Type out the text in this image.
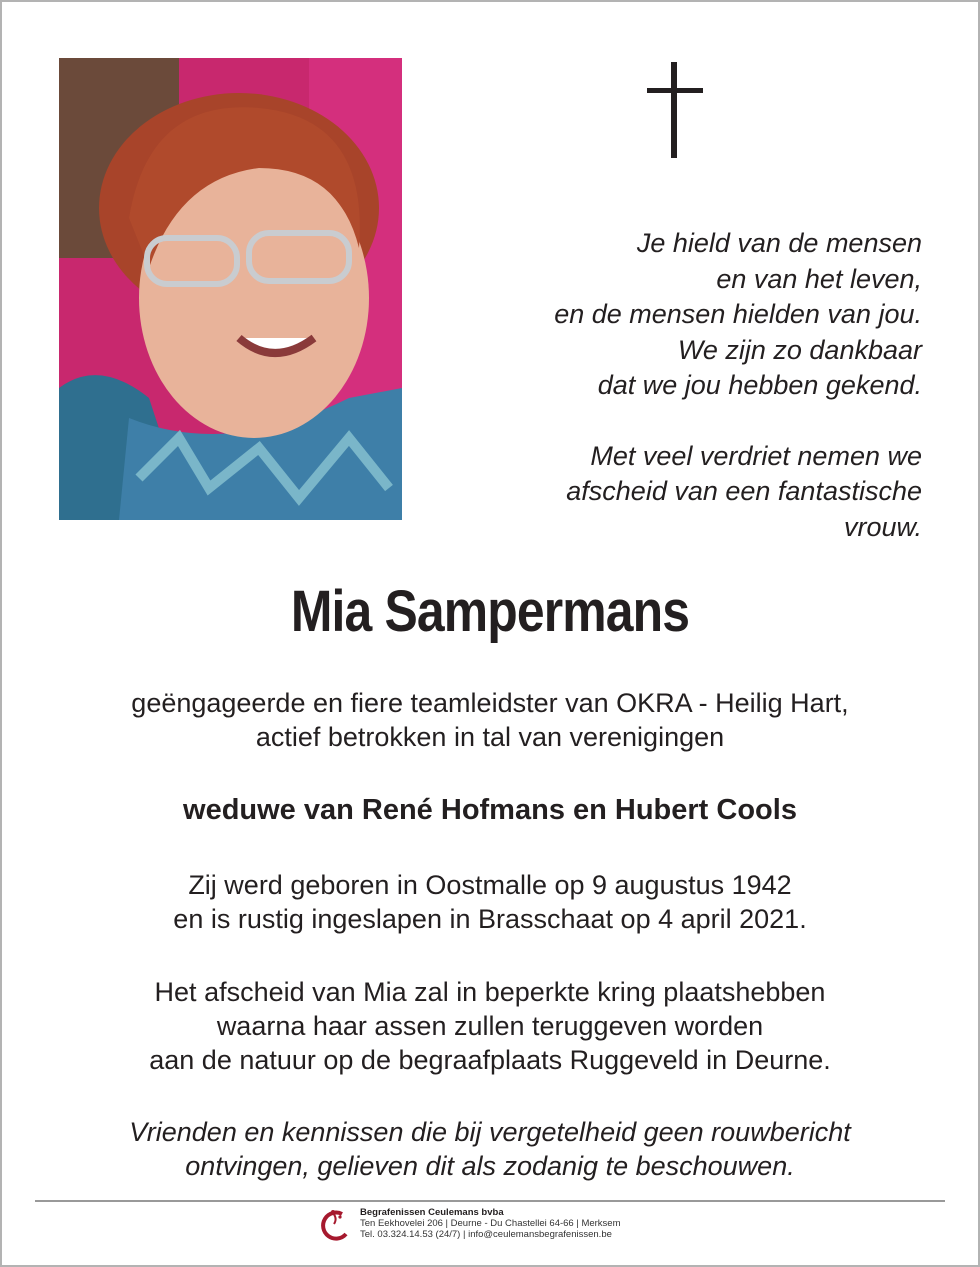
Je hield van de mensen
en van het leven,
en de mensen hielden van jou.
We zijn zo dankbaar
dat we jou hebben gekend.
Met veel verdriet nemen we
afscheid van een fantastische
vrouw.
Mia Sampermans
geëngageerde en fiere teamleidster van OKRA - Heilig Hart,
actief betrokken in tal van verenigingen
weduwe van René Hofmans en Hubert Cools
Zij werd geboren in Oostmalle op 9 augustus 1942
en is rustig ingeslapen in Brasschaat op 4 april 2021.
Het afscheid van Mia zal in beperkte kring plaatshebben
waarna haar assen zullen teruggeven worden
aan de natuur op de begraafplaats Ruggeveld in Deurne.
Vrienden en kennissen die bij vergetelheid geen rouwbericht
ontvingen, gelieven dit als zodanig te beschouwen.
Begrafenissen Ceulemans bvba
Ten Eekhovelei 206 | Deurne - Du Chastellei 64-66 | Merksem
Tel. 03.324.14.53 (24/7) | info@ceulemansbegrafenissen.be
